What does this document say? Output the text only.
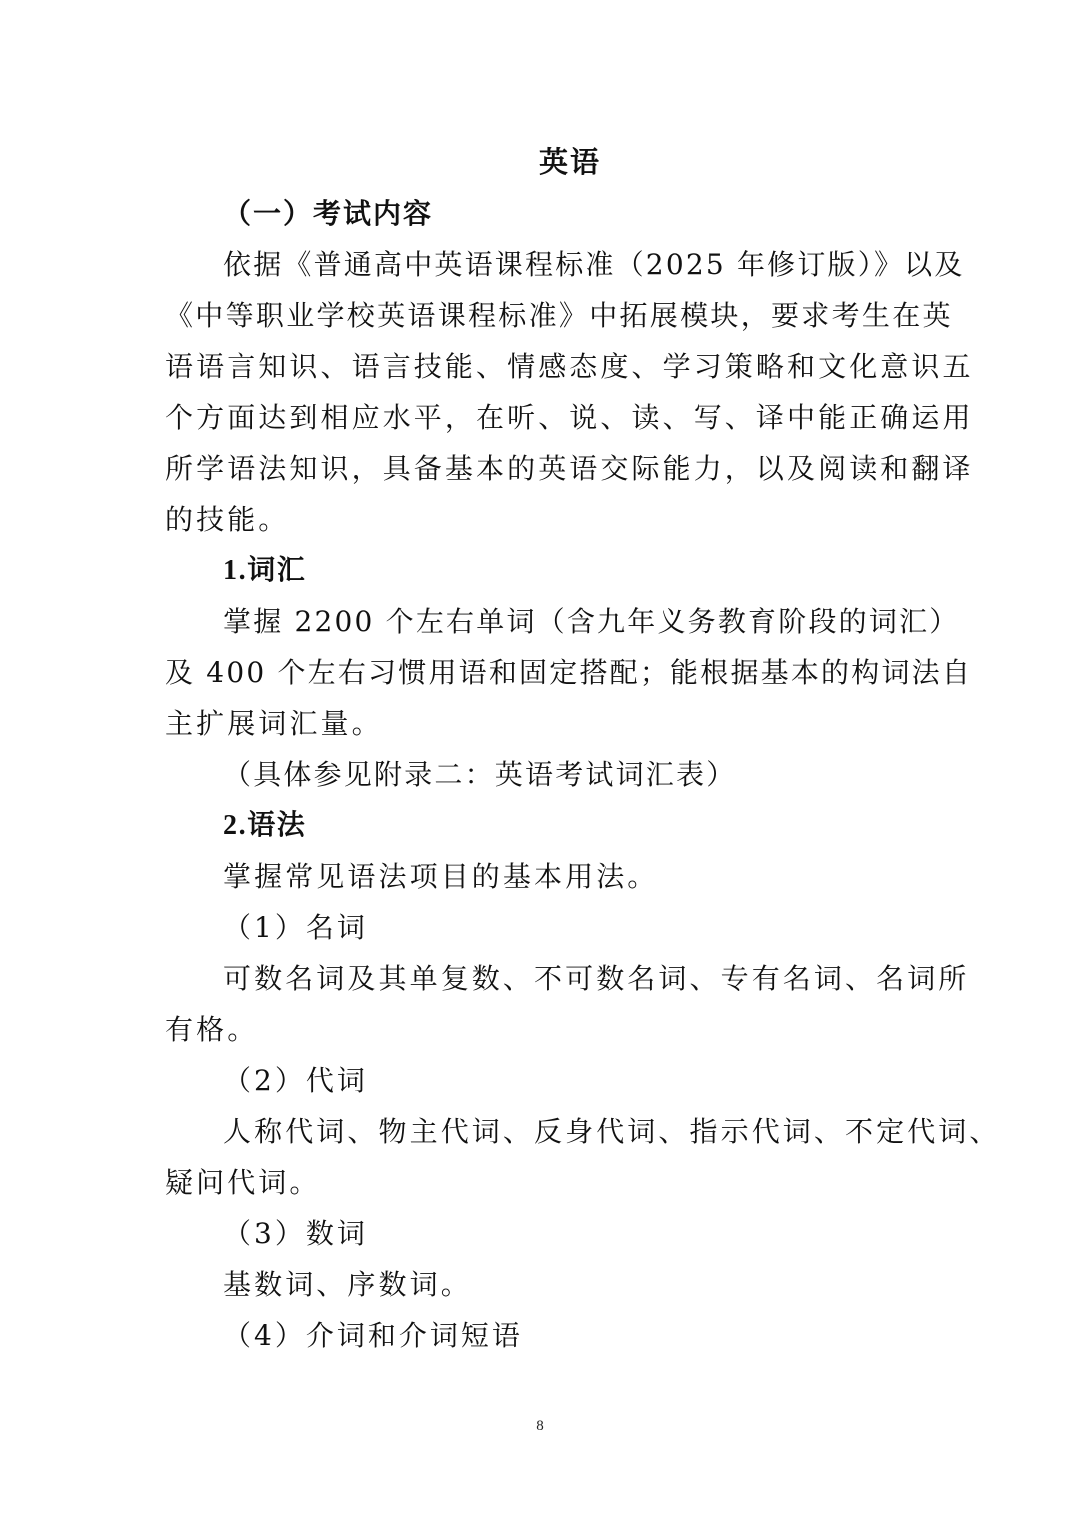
英语

（一）考试内容

依据《普通高中英语课程标准（2025 年修订版）》以及

《中等职业学校英语课程标准》中拓展模块，要求考生在英

语语言知识、语言技能、情感态度、学习策略和文化意识五

个方面达到相应水平，在听、说、读、写、译中能正确运用

所学语法知识，具备基本的英语交际能力，以及阅读和翻译

的技能。

1.词汇

掌握 2200 个左右单词（含九年义务教育阶段的词汇）

及 400 个左右习惯用语和固定搭配；能根据基本的构词法自

主扩展词汇量。

（具体参见附录二：英语考试词汇表）

2.语法

掌握常见语法项目的基本用法。

（1）名词

可数名词及其单复数、不可数名词、专有名词、名词所

有格。

（2）代词

人称代词、物主代词、反身代词、指示代词、不定代词、

疑问代词。

（3）数词

基数词、序数词。

（4）介词和介词短语

8
